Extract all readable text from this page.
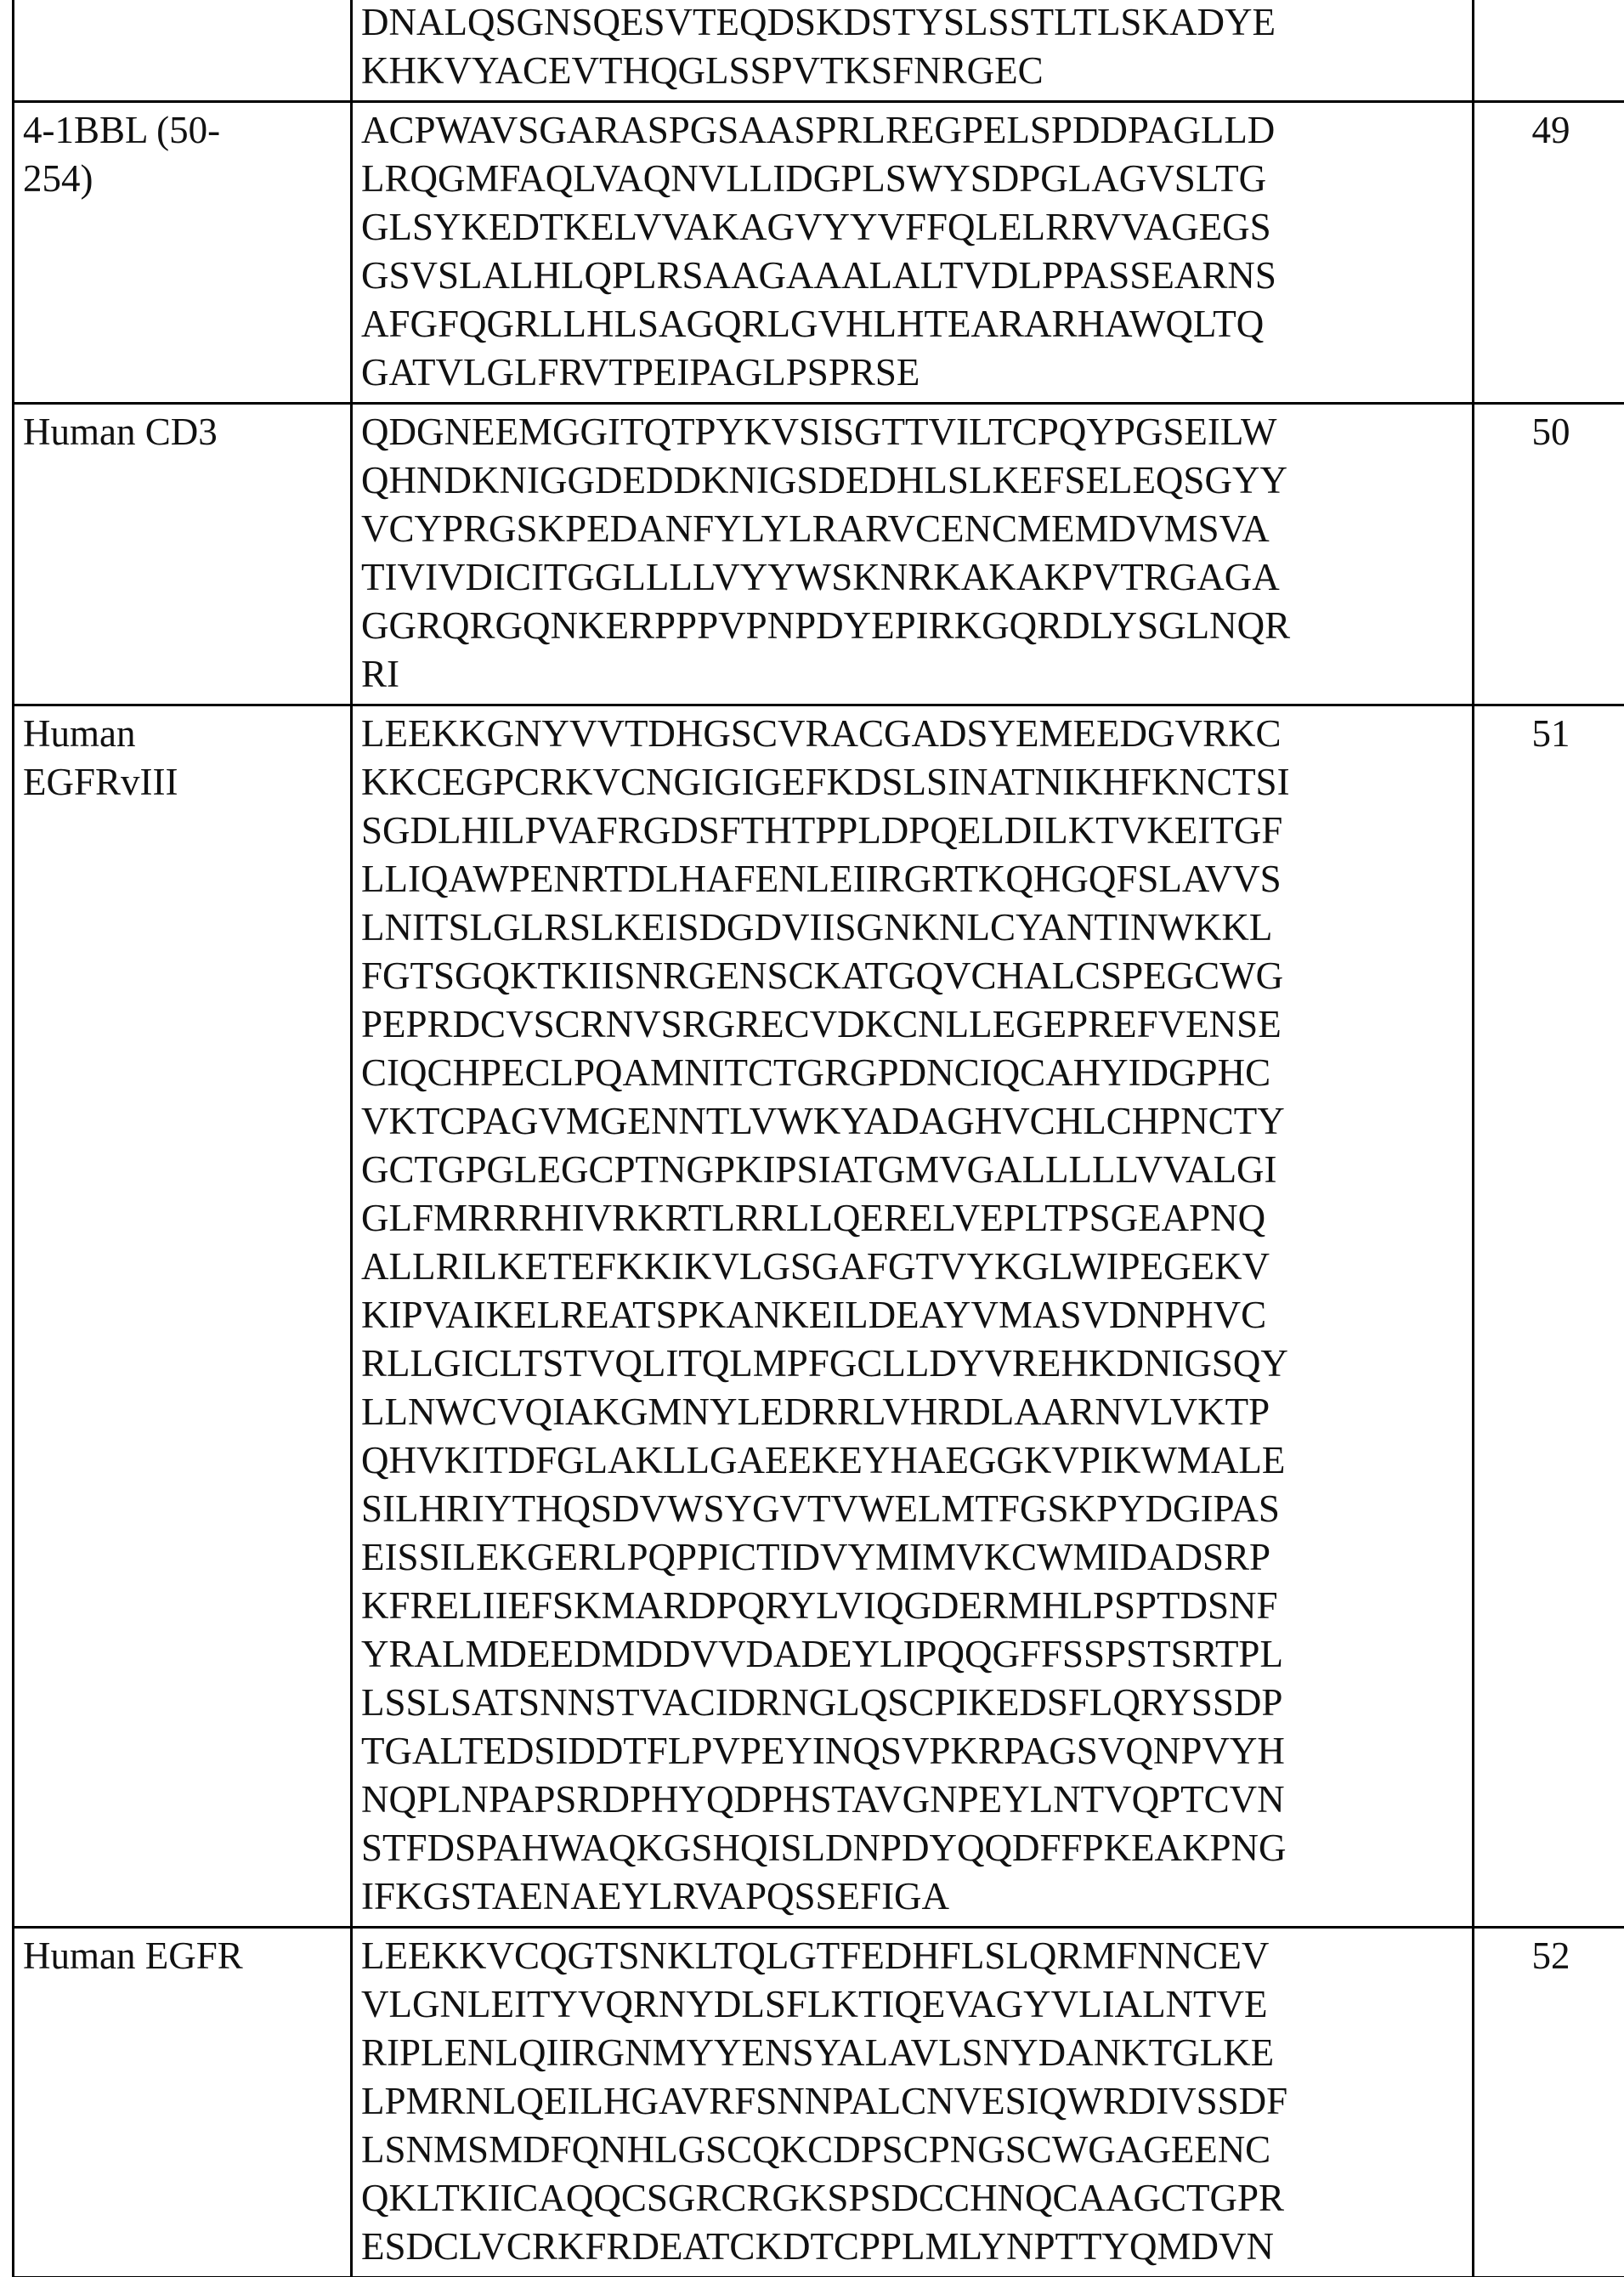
	DNALQSGNSQESVTEQDSKDSTYSLSSTLTLSKADYE
KHKVYACEVTHQGLSSPVTKSFNRGEC	
4-1BBL (50-
254)	ACPWAVSGARASPGSAASPRLREGPELSPDDPAGLLD
LRQGMFAQLVAQNVLLIDGPLSWYSDPGLAGVSLTG
GLSYKEDTKELVVAKAGVYYVFFQLELRRVVAGEGS
GSVSLALHLQPLRSAAGAAALALTVDLPPASSEARNS
AFGFQGRLLHLSAGQRLGVHLHTEARARHAWQLTQ
GATVLGLFRVTPEIPAGLPSPRSE	49
Human CD3	QDGNEEMGGITQTPYKVSISGTTVILTCPQYPGSEILW
QHNDKNIGGDEDDKNIGSDEDHLSLKEFSELEQSGYY
VCYPRGSKPEDANFYLYLRARVCENCMEMDVMSVA
TIVIVDICITGGLLLLVYYWSKNRKAKAKPVTRGAGA
GGRQRGQNKERPPPVPNPDYEPIRKGQRDLYSGLNQR
RI	50
Human
EGFRvIII	LEEKKGNYVVTDHGSCVRACGADSYEMEEDGVRKC
KKCEGPCRKVCNGIGIGEFKDSLSINATNIKHFKNCTSI
SGDLHILPVAFRGDSFTHTPPLDPQELDILKTVKEITGF
LLIQAWPENRTDLHAFENLEIIRGRTKQHGQFSLAVVS
LNITSLGLRSLKEISDGDVIISGNKNLCYANTINWKKL
FGTSGQKTKIISNRGENSCKATGQVCHALCSPEGCWG
PEPRDCVSCRNVSRGRECVDKCNLLEGEPREFVENSE
CIQCHPECLPQAMNITCTGRGPDNCIQCAHYIDGPHC
VKTCPAGVMGENNTLVWKYADAGHVCHLCHPNCTY
GCTGPGLEGCPTNGPKIPSIATGMVGALLLLLVVALGI
GLFMRRRHIVRKRTLRRLLQERELVEPLTPSGEAPNQ
ALLRILKETEFKKIKVLGSGAFGTVYKGLWIPEGEKV
KIPVAIKELREATSPKANKEILDEAYVMASVDNPHVC
RLLGICLTSTVQLITQLMPFGCLLDYVREHKDNIGSQY
LLNWCVQIAKGMNYLEDRRLVHRDLAARNVLVKTP
QHVKITDFGLAKLLGAEEKEYHAEGGKVPIKWMALE
SILHRIYTHQSDVWSYGVTVWELMTFGSKPYDGIPAS
EISSILEKGERLPQPPICTIDVYMIMVKCWMIDADSRP
KFRELIIEFSKMARDPQRYLVIQGDERMHLPSPTDSNF
YRALMDEEDMDDVVDADEYLIPQQGFFSSPSTSRTPL
LSSLSATSNNSTVACIDRNGLQSCPIKEDSFLQRYSSDP
TGALTEDSIDDTFLPVPEYINQSVPKRPAGSVQNPVYH
NQPLNPAPSRDPHYQDPHSTAVGNPEYLNTVQPTCVN
STFDSPAHWAQKGSHQISLDNPDYQQDFFPKEAKPNG
IFKGSTAENAEYLRVAPQSSEFIGA	51
Human EGFR	LEEKKVCQGTSNKLTQLGTFEDHFLSLQRMFNNCEV
VLGNLEITYVQRNYDLSFLKTIQEVAGYVLIALNTVE
RIPLENLQIIRGNMYYENSYALAVLSNYDANKTGLKE
LPMRNLQEILHGAVRFSNNPALCNVESIQWRDIVSSDF
LSNMSMDFQNHLGSCQKCDPSCPNGSCWGAGEENC
QKLTKIICAQQCSGRCRGKSPSDCCHNQCAAGCTGPR
ESDCLVCRKFRDEATCKDTCPPLMLYNPTTYQMDVN	52
